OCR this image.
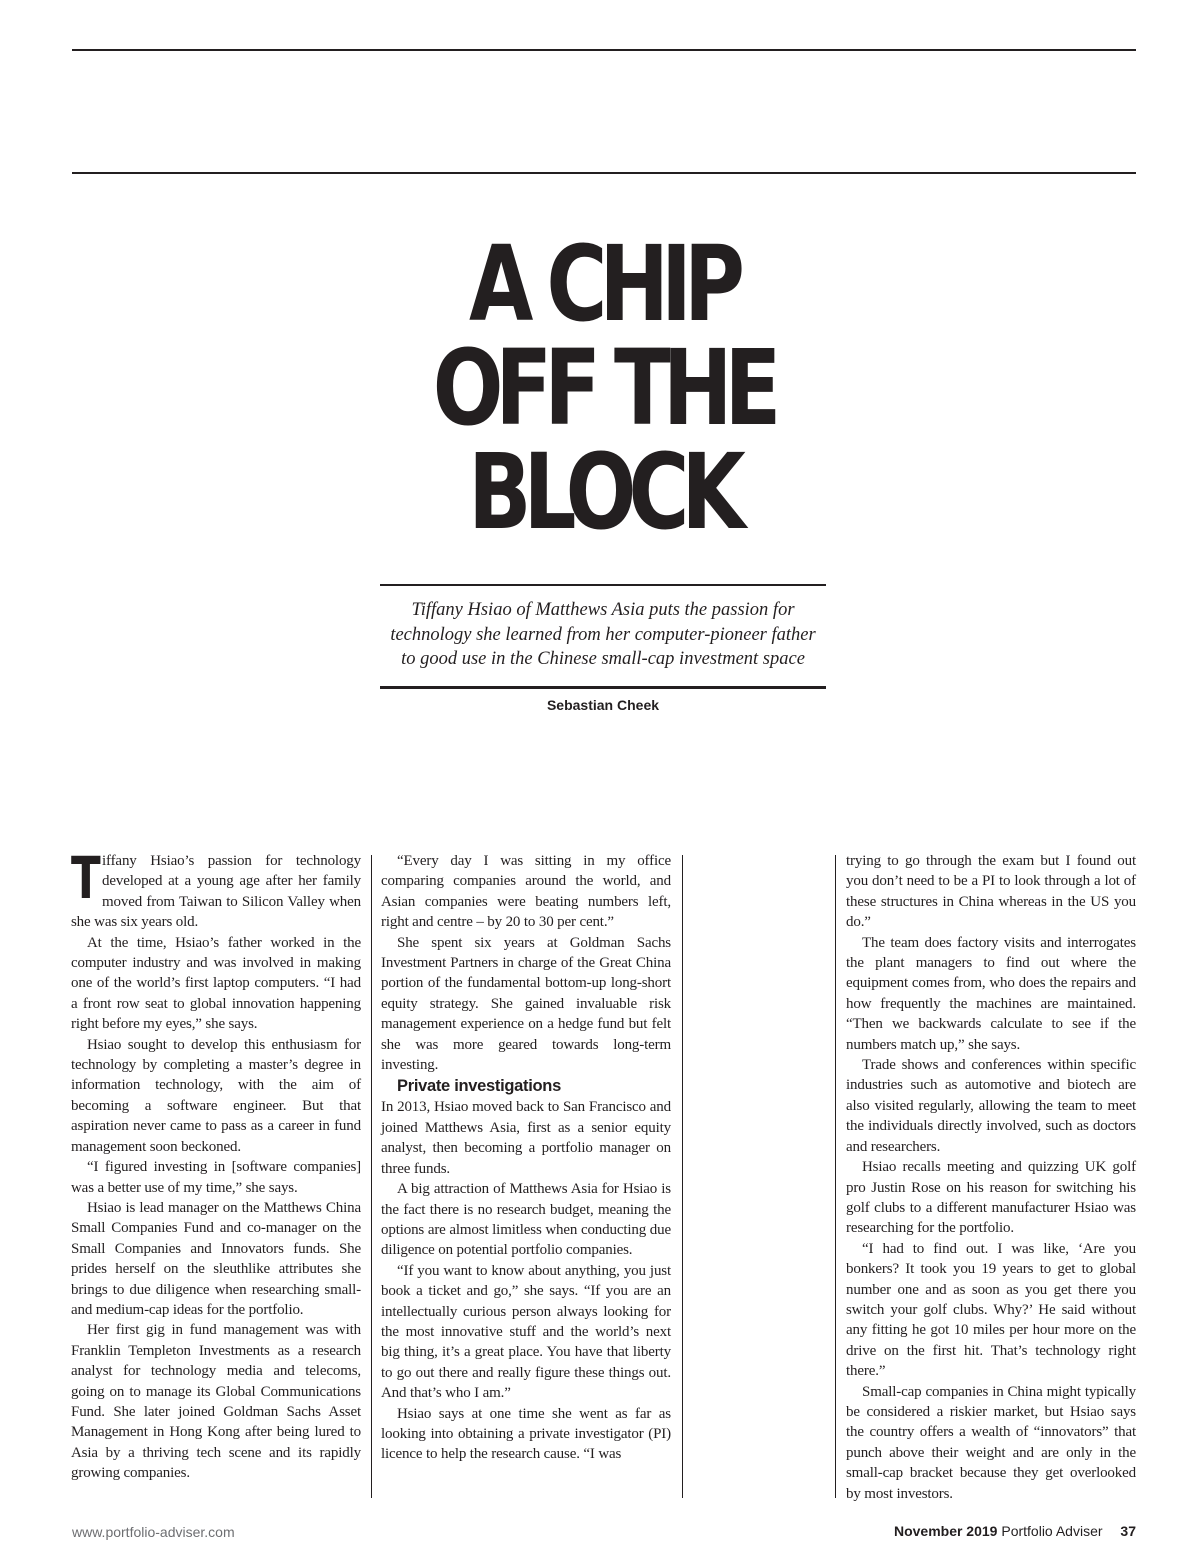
A CHIP
OFF THE
BLOCK
Tiffany Hsiao of Matthews Asia puts the passion for
technology she learned from her computer-pioneer father
to good use in the Chinese small-cap investment space
Sebastian Cheek

Tiffany Hsiao’s passion for technology developed at a young age after her family moved from Taiwan to Silicon Valley when she was six years old.

At the time, Hsiao’s father worked in the computer industry and was involved in making one of the world’s first laptop computers. “I had a front row seat to global innovation happening right before my eyes,” she says.

Hsiao sought to develop this enthusiasm for technology by completing a master’s degree in information technology, with the aim of becoming a software engineer. But that aspiration never came to pass as a career in fund management soon beckoned.

“I figured investing in [software companies] was a better use of my time,” she says.

Hsiao is lead manager on the Matthews China Small Companies Fund and co-manager on the Small Companies and Innovators funds. She prides herself on the sleuthlike attributes she brings to due diligence when researching small- and medium-cap ideas for the portfolio.

Her first gig in fund management was with Franklin Templeton Investments as a research analyst for technology media and telecoms, going on to manage its Global Communications Fund. She later joined Goldman Sachs Asset Management in Hong Kong after being lured to Asia by a thriving tech scene and its rapidly growing companies.

“Every day I was sitting in my office comparing companies around the world, and Asian companies were beating numbers left, right and centre – by 20 to 30 per cent.”

She spent six years at Goldman Sachs Investment Partners in charge of the Great China portion of the fundamental bottom-up long-short equity strategy. She gained invaluable risk management experience on a hedge fund but felt she was more geared towards long-term investing.

Private investigations

In 2013, Hsiao moved back to San Francisco and joined Matthews Asia, first as a senior equity analyst, then becoming a portfolio manager on three funds.

A big attraction of Matthews Asia for Hsiao is the fact there is no research budget, meaning the options are almost limitless when conducting due diligence on potential portfolio companies.

“If you want to know about anything, you just book a ticket and go,” she says. “If you are an intellectually curious person always looking for the most innovative stuff and the world’s next big thing, it’s a great place. You have that liberty to go out there and really figure these things out. And that’s who I am.”

Hsiao says at one time she went as far as looking into obtaining a private investigator (PI) licence to help the research cause. “I was

trying to go through the exam but I found out you don’t need to be a PI to look through a lot of these structures in China whereas in the US you do.”

The team does factory visits and interrogates the plant managers to find out where the equipment comes from, who does the repairs and how frequently the machines are maintained. “Then we backwards calculate to see if the numbers match up,” she says.

Trade shows and conferences within specific industries such as automotive and biotech are also visited regularly, allowing the team to meet the individuals directly involved, such as doctors and researchers.

Hsiao recalls meeting and quizzing UK golf pro Justin Rose on his reason for switching his golf clubs to a different manufacturer Hsiao was researching for the portfolio.

“I had to find out. I was like, ‘Are you bonkers? It took you 19 years to get to global number one and as soon as you get there you switch your golf clubs. Why?’ He said without any fitting he got 10 miles per hour more on the drive on the first hit. That’s technology right there.”

Small-cap companies in China might typically be considered a riskier market, but Hsiao says the country offers a wealth of “innovators” that punch above their weight and are only in the small-cap bracket because they get overlooked by most investors.

www.portfolio-adviser.com	November 2019 Portfolio Adviser 37
